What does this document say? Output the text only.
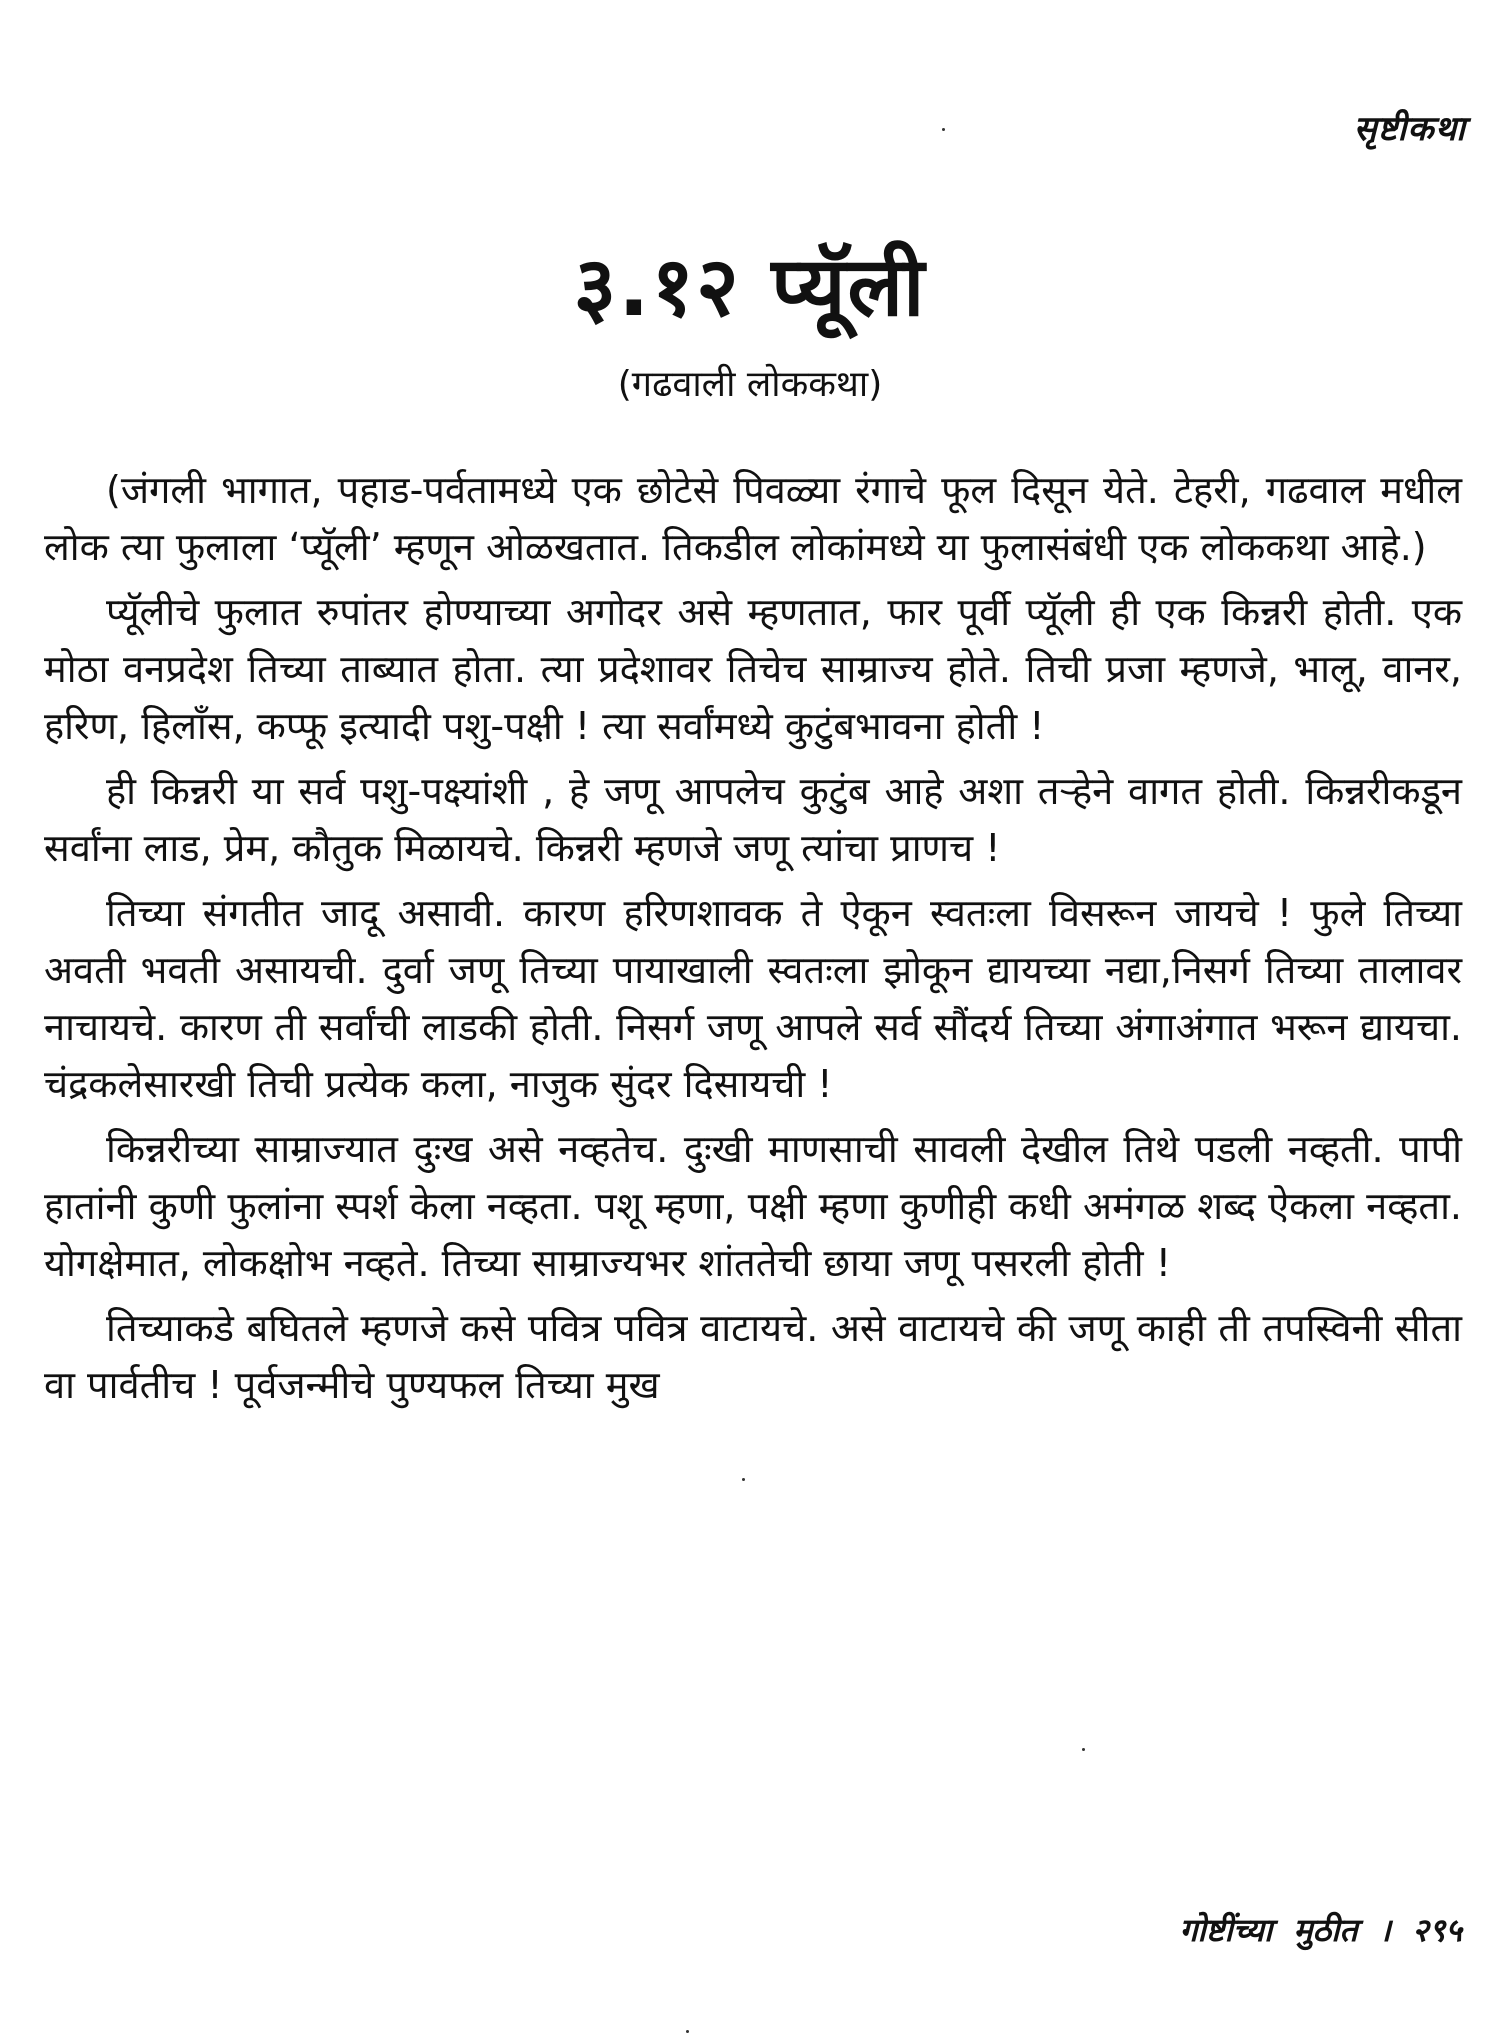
सृष्टीकथा
३.१२ प्यूॅली
(गढवाली लोककथा)

(जंगली भागात, पहाड-पर्वतामध्ये एक छोटेसे पिवळ्या रंगाचे फूल दिसून येते. टेहरी, गढवाल मधील लोक त्या फुलाला ‘प्यूॅली’ म्हणून ओळखतात. तिकडील लोकांमध्ये या फुलासंबंधी एक लोककथा आहे.)

प्यूॅलीचे फुलात रुपांतर होण्याच्या अगोदर असे म्हणतात, फार पूर्वी प्यूॅली ही एक किन्नरी होती. एक मोठा वनप्रदेश तिच्या ताब्यात होता. त्या प्रदेशावर तिचेच साम्राज्य होते. तिची प्रजा म्हणजे, भालू, वानर, हरिण, हिलाँस, कप्फू इत्यादी पशु-पक्षी ! त्या सर्वांमध्ये कुटुंबभावना होती !

ही किन्नरी या सर्व पशु-पक्ष्यांशी , हे जणू आपलेच कुटुंब आहे अशा तऱ्हेने वागत होती. किन्नरीकडून सर्वांना लाड, प्रेम, कौतुक मिळायचे. किन्नरी म्हणजे जणू त्यांचा प्राणच !

तिच्या संगतीत जादू असावी. कारण हरिणशावक ते ऐकून स्वतःला विसरून जायचे ! फुले तिच्या अवती भवती असायची. दुर्वा जणू तिच्या पायाखाली स्वतःला झोकून द्यायच्या नद्या,निसर्ग तिच्या तालावर नाचायचे. कारण ती सर्वांची लाडकी होती. निसर्ग जणू आपले सर्व सौंदर्य तिच्या अंगाअंगात भरून द्यायचा. चंद्रकलेसारखी तिची प्रत्येक कला, नाजुक सुंदर दिसायची !

किन्नरीच्या साम्राज्यात दुःख असे नव्हतेच. दुःखी माणसाची सावली देखील तिथे पडली नव्हती. पापी हातांनी कुणी फुलांना स्पर्श केला नव्हता. पशू म्हणा, पक्षी म्हणा कुणीही कधी अमंगळ शब्द ऐकला नव्हता. योगक्षेमात, लोकक्षोभ नव्हते. तिच्या साम्राज्यभर शांततेची छाया जणू पसरली होती !

तिच्याकडे बघितले म्हणजे कसे पवित्र पवित्र वाटायचे. असे वाटायचे की जणू काही ती तपस्विनी सीता वा पार्वतीच ! पूर्वजन्मीचे पुण्यफल तिच्या मुख

गोष्टींच्या मुठीत । २९५
